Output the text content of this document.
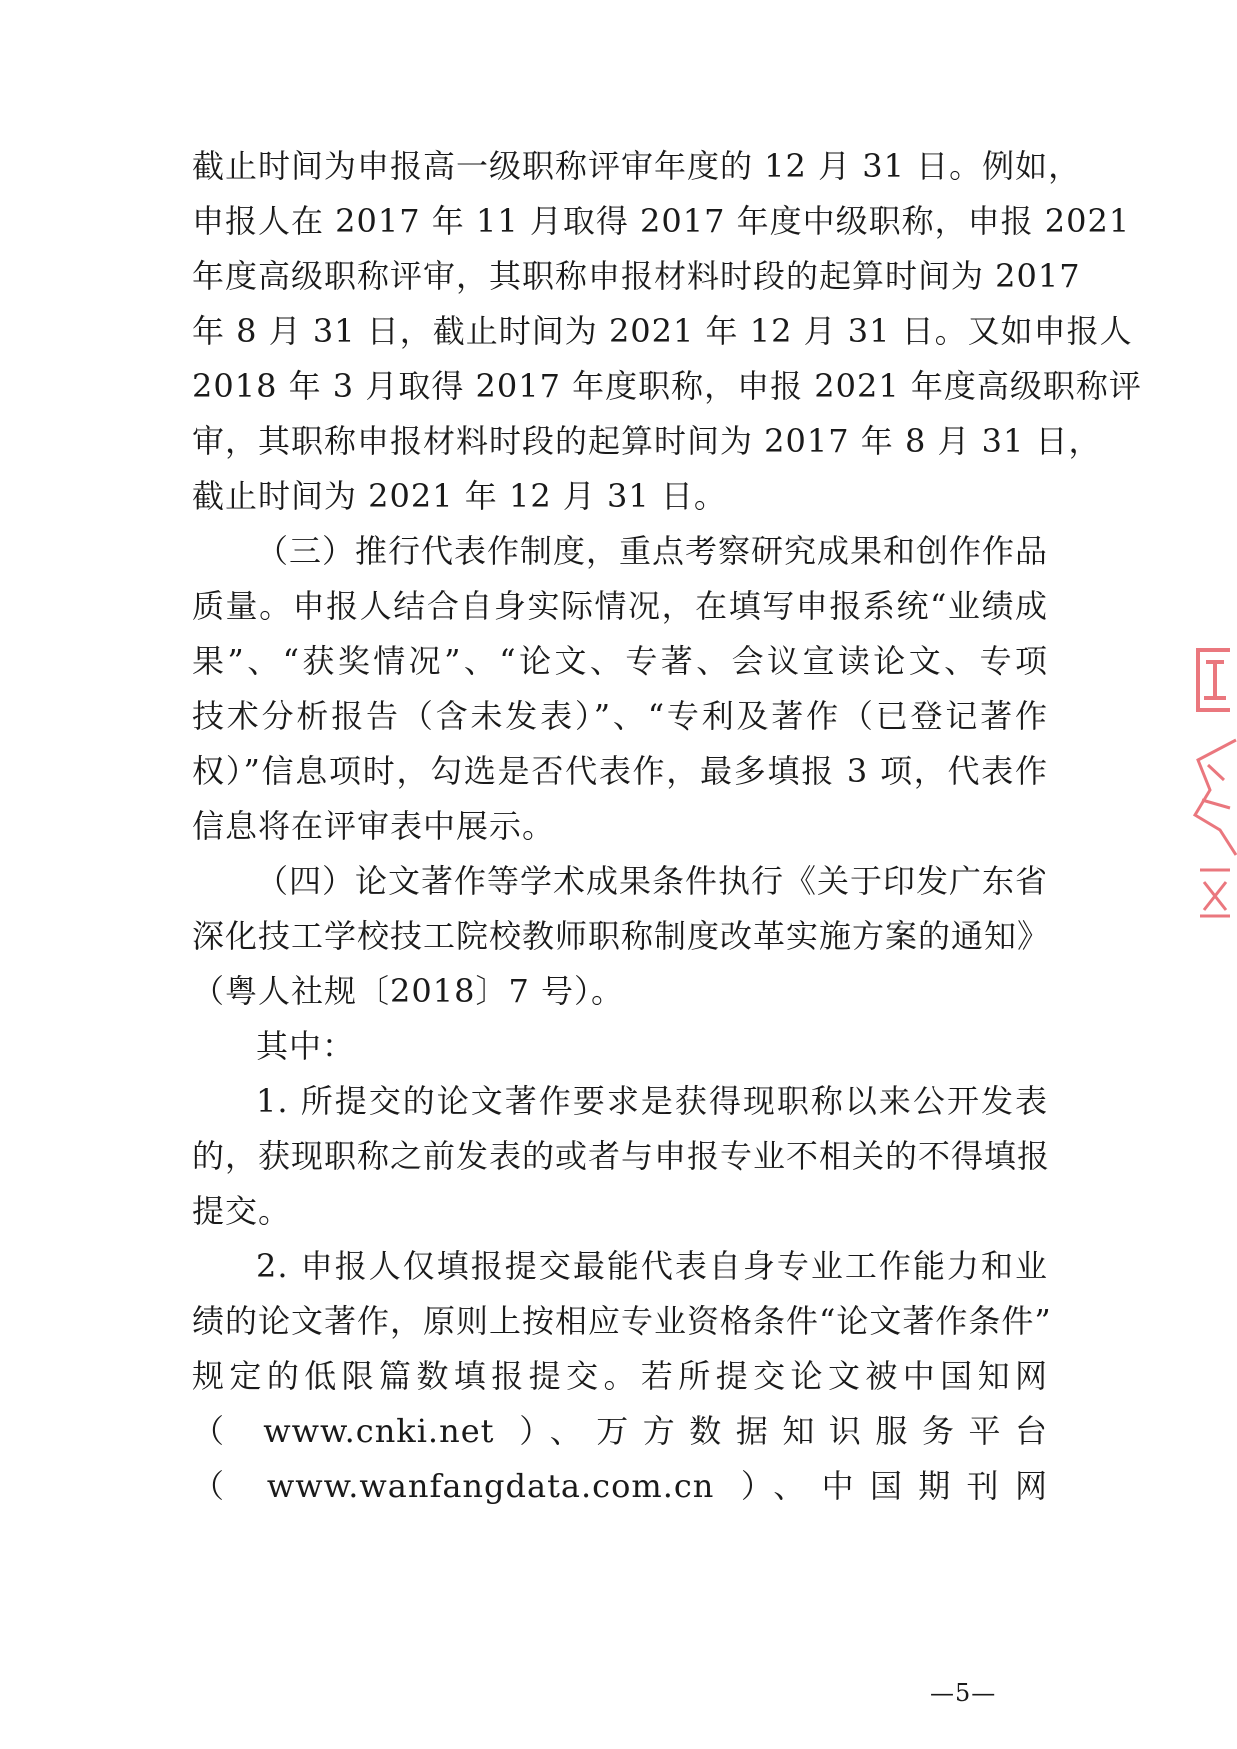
截止时间为申报高一级职称评审年度的 12 月 31 日。例如，
申报人在 2017 年 11 月取得 2017 年度中级职称，申报 2021
年度高级职称评审，其职称申报材料时段的起算时间为 2017
年 8 月 31 日，截止时间为 2021 年 12 月 31 日。又如申报人
2018 年 3 月取得 2017 年度职称，申报 2021 年度高级职称评
审，其职称申报材料时段的起算时间为 2017 年 8 月 31 日，
截止时间为 2021 年 12 月 31 日。
（三）推行代表作制度，重点考察研究成果和创作作品
质量。申报人结合自身实际情况，在填写申报系统“业绩成
果”、“获奖情况”、“论文、专著、会议宣读论文、专项
技术分析报告（含未发表）”、“专利及著作（已登记著作
权）”信息项时，勾选是否代表作，最多填报 3 项，代表作
信息将在评审表中展示。
（四）论文著作等学术成果条件执行《关于印发广东省
深化技工学校技工院校教师职称制度改革实施方案的通知》
（粤人社规〔2018〕7 号）。
其中：
1. 所提交的论文著作要求是获得现职称以来公开发表
的，获现职称之前发表的或者与申报专业不相关的不得填报
提交。
2. 申报人仅填报提交最能代表自身专业工作能力和业
绩的论文著作，原则上按相应专业资格条件“论文著作条件”
规定的低限篇数填报提交。若所提交论文被中国知网
（ www.cnki.net ）、万方数据知识服务平台
（ www.wanfangdata.com.cn ）、中国期刊网
—5—
